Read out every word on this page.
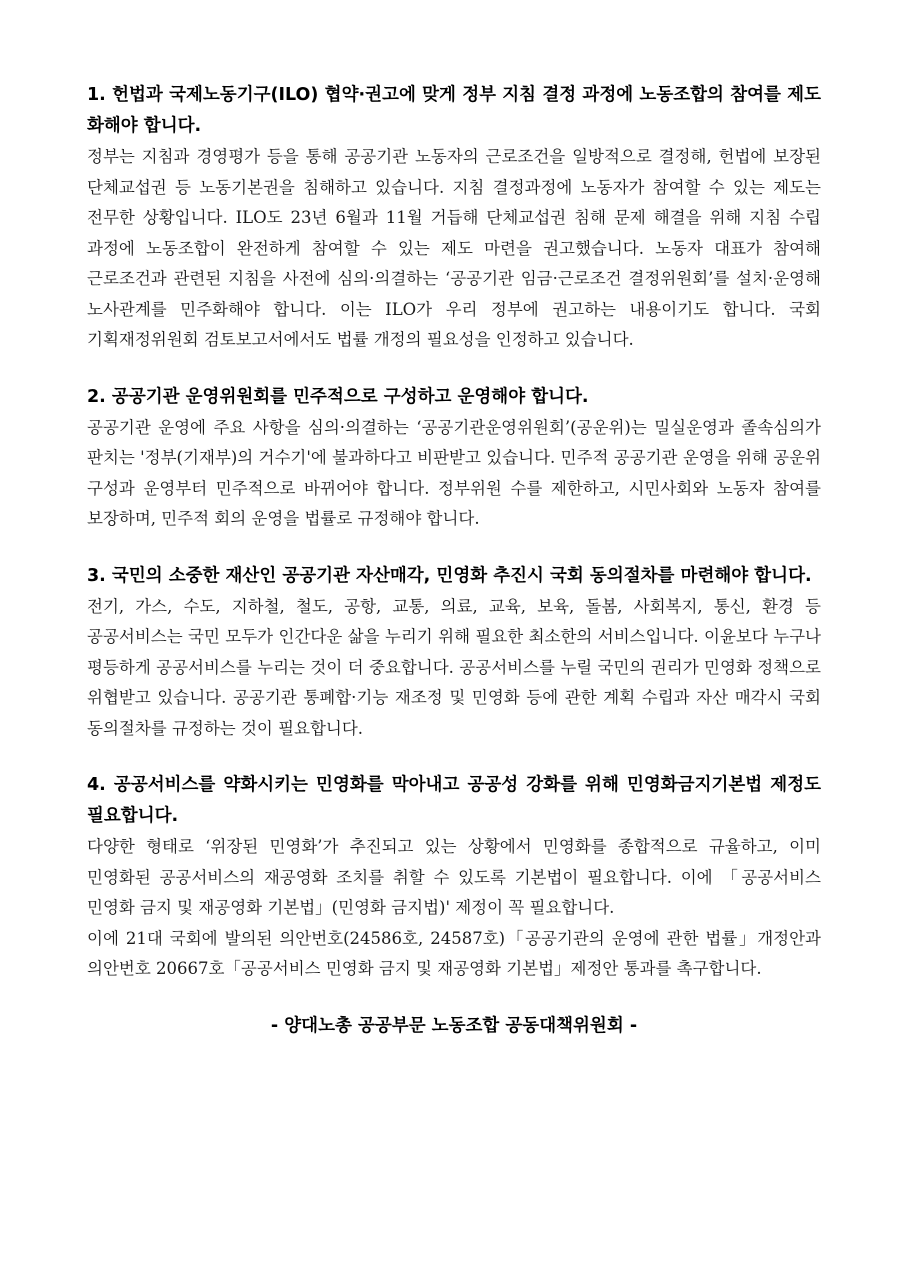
1. 헌법과 국제노동기구(ILO) 협약·권고에 맞게 정부 지침 결정 과정에 노동조합의 참여를 제도화해야 합니다.

정부는 지침과 경영평가 등을 통해 공공기관 노동자의 근로조건을 일방적으로 결정해, 헌법에 보장된 단체교섭권 등 노동기본권을 침해하고 있습니다. 지침 결정과정에 노동자가 참여할 수 있는 제도는 전무한 상황입니다. ILO도 23년 6월과 11월 거듭해 단체교섭권 침해 문제 해결을 위해 지침 수립 과정에 노동조합이 완전하게 참여할 수 있는 제도 마련을 권고했습니다. 노동자 대표가 참여해 근로조건과 관련된 지침을 사전에 심의·의결하는 ‘공공기관 임금·근로조건 결정위원회’를 설치·운영해 노사관계를 민주화해야 합니다. 이는 ILO가 우리 정부에 권고하는 내용이기도 합니다. 국회 기획재정위원회 검토보고서에서도 법률 개정의 필요성을 인정하고 있습니다.

2. 공공기관 운영위원회를 민주적으로 구성하고 운영해야 합니다.

공공기관 운영에 주요 사항을 심의·의결하는 ‘공공기관운영위원회’(공운위)는 밀실운영과 졸속심의가 판치는 '정부(기재부)의 거수기'에 불과하다고 비판받고 있습니다. 민주적 공공기관 운영을 위해 공운위 구성과 운영부터 민주적으로 바뀌어야 합니다. 정부위원 수를 제한하고, 시민사회와 노동자 참여를 보장하며, 민주적 회의 운영을 법률로 규정해야 합니다.

3. 국민의 소중한 재산인 공공기관 자산매각, 민영화 추진시 국회 동의절차를 마련해야 합니다.

전기, 가스, 수도, 지하철, 철도, 공항, 교통, 의료, 교육, 보육, 돌봄, 사회복지, 통신, 환경 등 공공서비스는 국민 모두가 인간다운 삶을 누리기 위해 필요한 최소한의 서비스입니다. 이윤보다 누구나 평등하게 공공서비스를 누리는 것이 더 중요합니다. 공공서비스를 누릴 국민의 권리가 민영화 정책으로 위협받고 있습니다. 공공기관 통폐합·기능 재조정 및 민영화 등에 관한 계획 수립과 자산 매각시 국회 동의절차를 규정하는 것이 필요합니다.

4. 공공서비스를 약화시키는 민영화를 막아내고 공공성 강화를 위해 민영화금지기본법 제정도 필요합니다.

다양한 형태로 ‘위장된 민영화’가 추진되고 있는 상황에서 민영화를 종합적으로 규율하고, 이미 민영화된 공공서비스의 재공영화 조치를 취할 수 있도록 기본법이 필요합니다. 이에 「공공서비스 민영화 금지 및 재공영화 기본법」(민영화 금지법)' 제정이 꼭 필요합니다.

이에 21대 국회에 발의된 의안번호(24586호, 24587호)「공공기관의 운영에 관한 법률」개정안과 의안번호 20667호「공공서비스 민영화 금지 및 재공영화 기본법」제정안 통과를 촉구합니다.

- 양대노총 공공부문 노동조합 공동대책위원회 -
